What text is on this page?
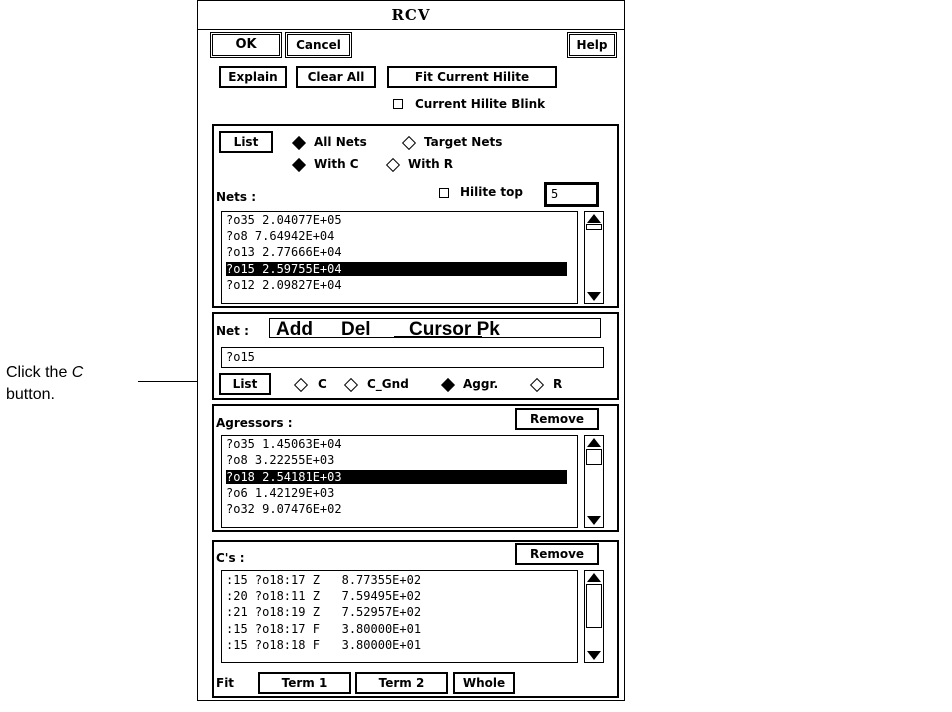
Click the C
button.
RCV
OK	Cancel	Help
Explain	Clear All	Fit Current Hilite
Current Hilite Blink
List	All Nets	Target Nets
With C	With R
Nets :	Hilite top	5
?o35 2.04077E+05
?o8 7.64942E+04
?o13 2.77666E+04
?o15 2.59755E+04
?o12 2.09827E+04
Net : Add Del Cursor Pk
?o15
List	C	C_Gnd	Aggr.	R
Agressors :	Remove
?o35 1.45063E+04
?o8 3.22255E+03
?o18 2.54181E+03
?o6 1.42129E+03
?o32 9.07476E+02
C's :	Remove
:15 ?o18:17 Z   8.77355E+02
:20 ?o18:11 Z   7.59495E+02
:21 ?o18:19 Z   7.52957E+02
:15 ?o18:17 F   3.80000E+01
:15 ?o18:18 F   3.80000E+01
Fit	Term 1	Term 2	Whole
